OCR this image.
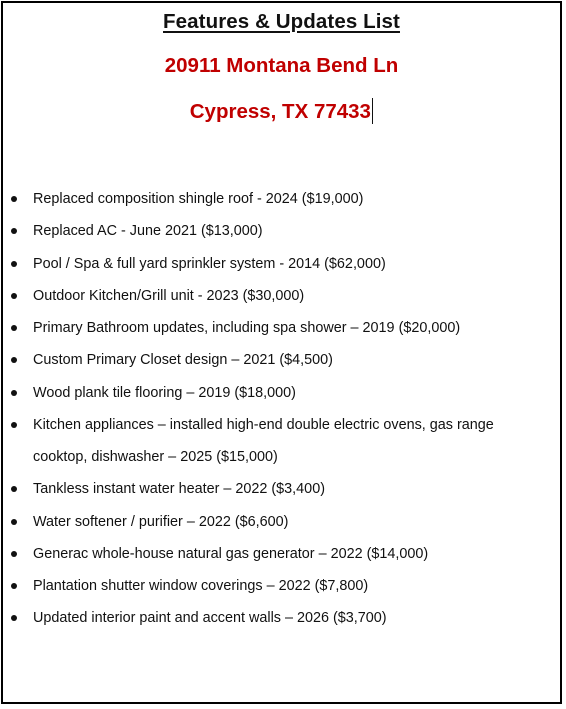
Features & Updates List
20911 Montana Bend Ln
Cypress, TX 77433
Replaced composition shingle roof - 2024 ($19,000)
Replaced AC - June 2021 ($13,000)
Pool / Spa & full yard sprinkler system - 2014 ($62,000)
Outdoor Kitchen/Grill unit - 2023 ($30,000)
Primary Bathroom updates, including spa shower – 2019 ($20,000)
Custom Primary Closet design – 2021 ($4,500)
Wood plank tile flooring – 2019 ($18,000)
Kitchen appliances – installed high-end double electric ovens, gas range cooktop, dishwasher – 2025 ($15,000)
Tankless instant water heater – 2022 ($3,400)
Water softener / purifier – 2022 ($6,600)
Generac whole-house natural gas generator – 2022 ($14,000)
Plantation shutter window coverings – 2022 ($7,800)
Updated interior paint and accent walls – 2026 ($3,700)
